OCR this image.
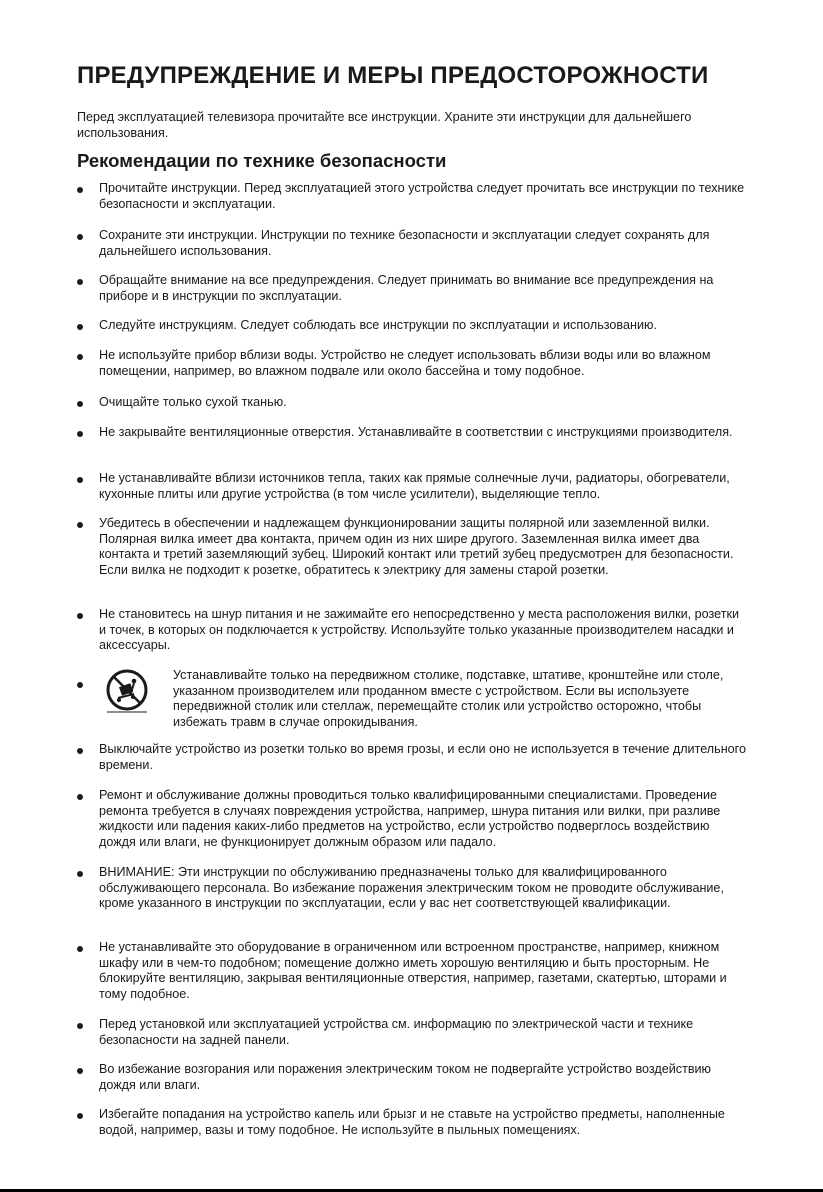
ПРЕДУПРЕЖДЕНИЕ И МЕРЫ ПРЕДОСТОРОЖНОСТИ

Перед эксплуатацией телевизора прочитайте все инструкции. Храните эти инструкции для дальнейшего использования.

Рекомендации по технике безопасности
Прочитайте инструкции. Перед эксплуатацией этого устройства следует прочитать все инструкции по технике безопасности и эксплуатации.
Сохраните эти инструкции. Инструкции по технике безопасности и эксплуатации следует сохранять для дальнейшего использования.
Обращайте внимание на все предупреждения. Следует принимать во внимание все предупреждения на приборе и в инструкции по эксплуатации.
Следуйте инструкциям. Следует соблюдать все инструкции по эксплуатации и использованию.
Не используйте прибор вблизи воды. Устройство не следует использовать вблизи воды или во влажном помещении, например, во влажном подвале или около бассейна и тому подобное.
Очищайте только сухой тканью.
Не закрывайте вентиляционные отверстия. Устанавливайте в соответствии с инструкциями производителя.
Не устанавливайте вблизи источников тепла, таких как прямые солнечные лучи, радиаторы, обогреватели, кухонные плиты или другие устройства (в том числе усилители), выделяющие тепло.
Убедитесь в обеспечении и надлежащем функционировании защиты полярной или заземленной вилки. Полярная вилка имеет два контакта, причем один из них шире другого. Заземленная вилка имеет два контакта и третий заземляющий зубец. Широкий контакт или третий зубец предусмотрен для безопасности. Если вилка не подходит к розетке, обратитесь к электрику для замены старой розетки.
Не становитесь на шнур питания и не зажимайте его непосредственно у места расположения вилки, розетки и точек, в которых он подключается к устройству. Используйте только указанные производителем насадки и аксессуары.
Устанавливайте только на передвижном столике, подставке, штативе, кронштейне или столе, указанном производителем или проданном вместе с устройством. Если вы используете передвижной столик или стеллаж, перемещайте столик или устройство осторожно, чтобы избежать травм в случае опрокидывания.
Выключайте устройство из розетки только во время грозы, и если оно не используется в течение длительного времени.
Ремонт и обслуживание должны проводиться только квалифицированными специалистами. Проведение ремонта требуется в случаях повреждения устройства, например, шнура питания или вилки, при разливе жидкости или падения каких-либо предметов на устройство, если устройство подверглось воздействию дождя или влаги, не функционирует должным образом или падало.
ВНИМАНИЕ: Эти инструкции по обслуживанию предназначены только для квалифицированного обслуживающего персонала. Во избежание поражения электрическим током не проводите обслуживание, кроме указанного в инструкции по эксплуатации, если у вас нет соответствующей квалификации.
Не устанавливайте это оборудование в ограниченном или встроенном пространстве, например, книжном шкафу или в чем-то подобном; помещение должно иметь хорошую вентиляцию и быть просторным. Не блокируйте вентиляцию, закрывая вентиляционные отверстия, например, газетами, скатертью, шторами и тому подобное.
Перед установкой или эксплуатацией устройства см. информацию по электрической части и технике безопасности на задней панели.
Во избежание возгорания или поражения электрическим током не подвергайте устройство воздействию дождя или влаги.
Избегайте попадания на устройство капель или брызг и не ставьте на устройство предметы, наполненные водой, например, вазы и тому подобное. Не используйте в пыльных помещениях.
